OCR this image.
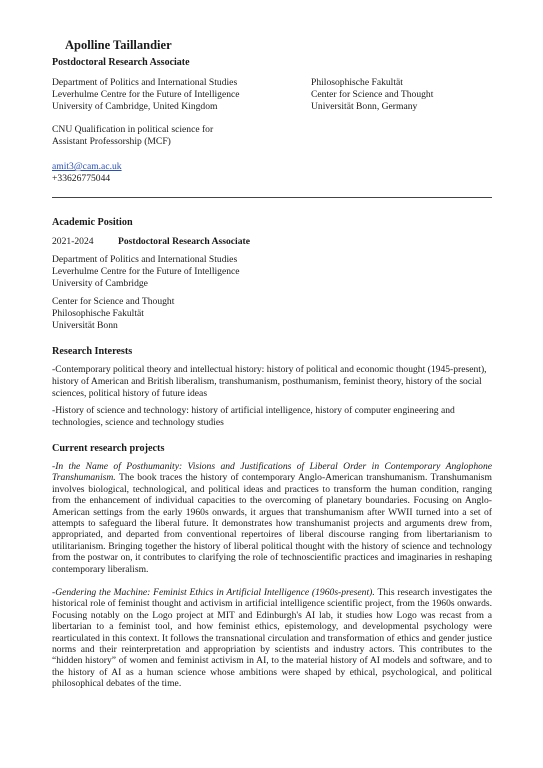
Apolline Taillandier
Postdoctoral Research Associate
Department of Politics and International Studies
Leverhulme Centre for the Future of Intelligence
University of Cambridge, United Kingdom
Philosophische Fakultät
Center for Science and Thought
Universität Bonn, Germany
CNU Qualification in political science for
Assistant Professorship (MCF)
amit3@cam.ac.uk
+33626775044
Academic Position
2021-2024	Postdoctoral Research Associate
Department of Politics and International Studies
Leverhulme Centre for the Future of Intelligence
University of Cambridge
Center for Science and Thought
Philosophische Fakultät
Universität Bonn
Research Interests
-Contemporary political theory and intellectual history: history of political and economic thought (1945-present), history of American and British liberalism, transhumanism, posthumanism, feminist theory, history of the social sciences, political history of future ideas
-History of science and technology: history of artificial intelligence, history of computer engineering and technologies, science and technology studies
Current research projects
-In the Name of Posthumanity: Visions and Justifications of Liberal Order in Contemporary Anglophone Transhumanism. The book traces the history of contemporary Anglo-American transhumanism. Transhumanism involves biological, technological, and political ideas and practices to transform the human condition, ranging from the enhancement of individual capacities to the overcoming of planetary boundaries. Focusing on Anglo-American settings from the early 1960s onwards, it argues that transhumanism after WWII turned into a set of attempts to safeguard the liberal future. It demonstrates how transhumanist projects and arguments drew from, appropriated, and departed from conventional repertoires of liberal discourse ranging from libertarianism to utilitarianism. Bringing together the history of liberal political thought with the history of science and technology from the postwar on, it contributes to clarifying the role of technoscientific practices and imaginaries in reshaping contemporary liberalism.
-Gendering the Machine: Feminist Ethics in Artificial Intelligence (1960s-present). This research investigates the historical role of feminist thought and activism in artificial intelligence scientific project, from the 1960s onwards. Focusing notably on the Logo project at MIT and Edinburgh's AI lab, it studies how Logo was recast from a libertarian to a feminist tool, and how feminist ethics, epistemology, and developmental psychology were rearticulated in this context. It follows the transnational circulation and transformation of ethics and gender justice norms and their reinterpretation and appropriation by scientists and industry actors. This contributes to the “hidden history” of women and feminist activism in AI, to the material history of AI models and software, and to the history of AI as a human science whose ambitions were shaped by ethical, psychological, and political philosophical debates of the time.
